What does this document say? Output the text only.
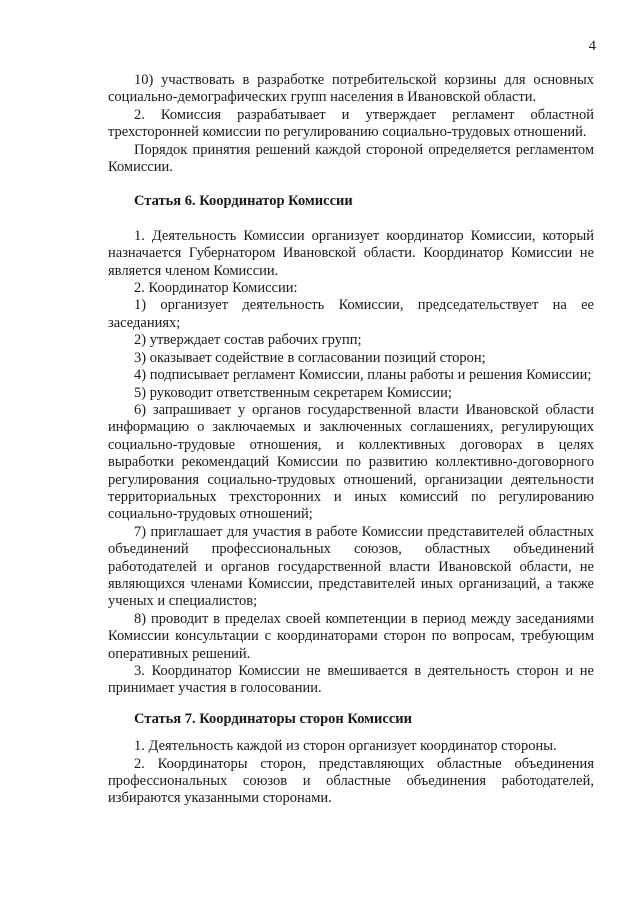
4

10) участвовать в разработке потребительской корзины для основных социально-демографических групп населения в Ивановской области.

2. Комиссия разрабатывает и утверждает регламент областной трехсторонней комиссии по регулированию социально-трудовых отношений.

Порядок принятия решений каждой стороной определяется регламентом Комиссии.

Статья 6. Координатор Комиссии

1. Деятельность Комиссии организует координатор Комиссии, который назначается Губернатором Ивановской области. Координатор Комиссии не является членом Комиссии.

2. Координатор Комиссии:

1) организует деятельность Комиссии, председательствует на ее заседаниях;

2) утверждает состав рабочих групп;

3) оказывает содействие в согласовании позиций сторон;

4) подписывает регламент Комиссии, планы работы и решения Комиссии;

5) руководит ответственным секретарем Комиссии;

6) запрашивает у органов государственной власти Ивановской области информацию о заключаемых и заключенных соглашениях, регулирующих социально-трудовые отношения, и коллективных договорах в целях выработки рекомендаций Комиссии по развитию коллективно-договорного регулирования социально-трудовых отношений, организации деятельности территориальных трехсторонних и иных комиссий по регулированию социально-трудовых отношений;

7) приглашает для участия в работе Комиссии представителей областных объединений профессиональных союзов, областных объединений работодателей и органов государственной власти Ивановской области, не являющихся членами Комиссии, представителей иных организаций, а также ученых и специалистов;

8) проводит в пределах своей компетенции в период между заседаниями Комиссии консультации с координаторами сторон по вопросам, требующим оперативных решений.

3. Координатор Комиссии не вмешивается в деятельность сторон и не принимает участия в голосовании.

Статья 7. Координаторы сторон Комиссии

1. Деятельность каждой из сторон организует координатор стороны.

2. Координаторы сторон, представляющих областные объединения профессиональных союзов и областные объединения работодателей, избираются указанными сторонами.
